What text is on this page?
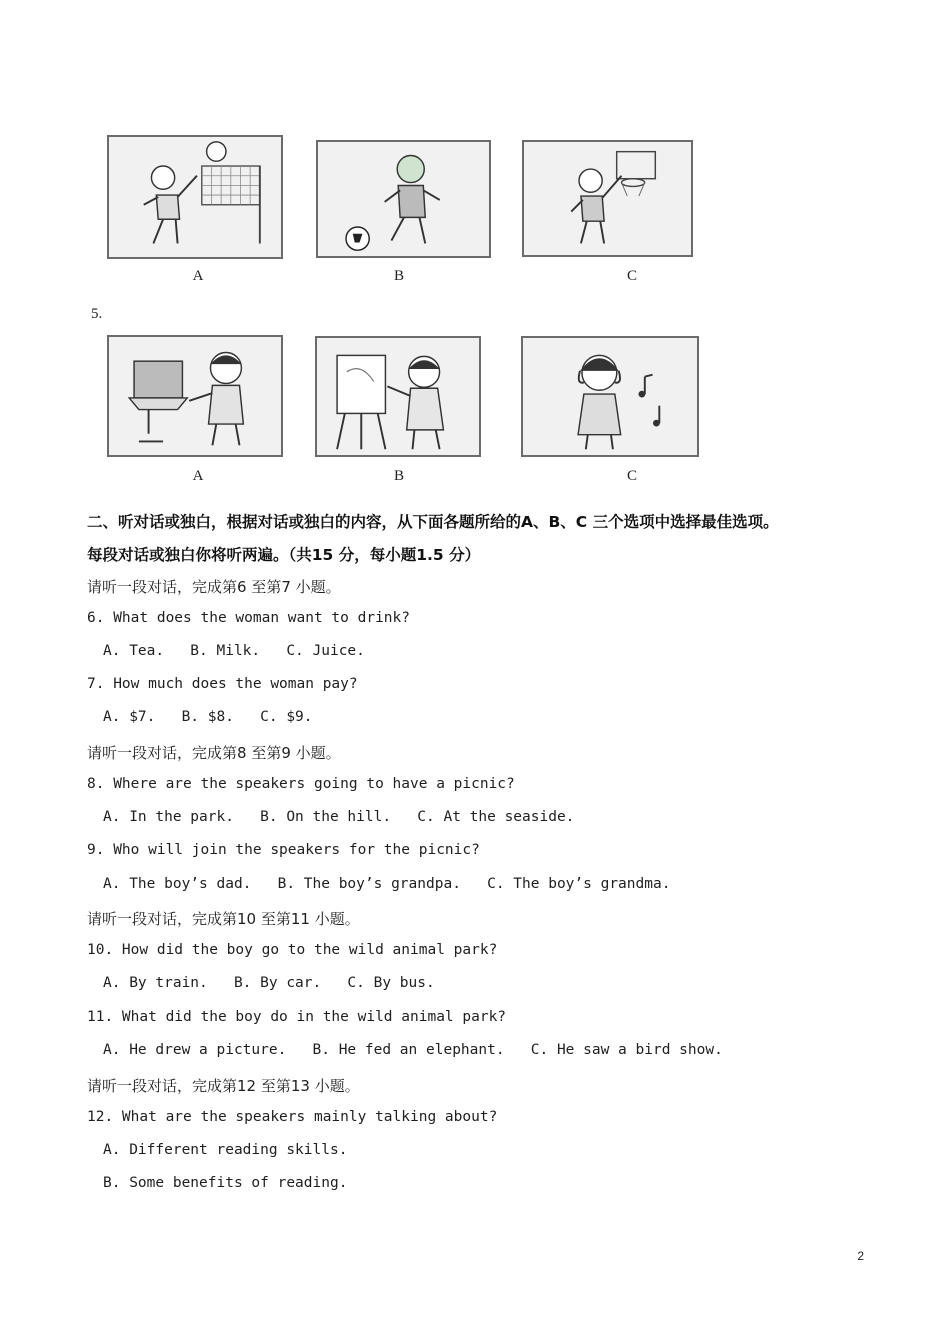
A	B	C
5.
A	B	C
二、听对话或独白，根据对话或独白的内容，从下面各题所给的A、B、C 三个选项中选择最佳选项。
每段对话或独白你将听两遍。（共15 分，每小题1.5 分）
请听一段对话，完成第6 至第7 小题。
6. What does the woman want to drink?
A. Tea.   B. Milk.   C. Juice.
7. How much does the woman pay?
A. $7.   B. $8.   C. $9.
请听一段对话，完成第8 至第9 小题。
8. Where are the speakers going to have a picnic?
A. In the park.   B. On the hill.   C. At the seaside.
9. Who will join the speakers for the picnic?
A. The boy’s dad.   B. The boy’s grandpa.   C. The boy’s grandma.
请听一段对话，完成第10 至第11 小题。
10. How did the boy go to the wild animal park?
A. By train.   B. By car.   C. By bus.
11. What did the boy do in the wild animal park?
A. He drew a picture.   B. He fed an elephant.   C. He saw a bird show.
请听一段对话，完成第12 至第13 小题。
12. What are the speakers mainly talking about?
A. Different reading skills.
B. Some benefits of reading.
2
